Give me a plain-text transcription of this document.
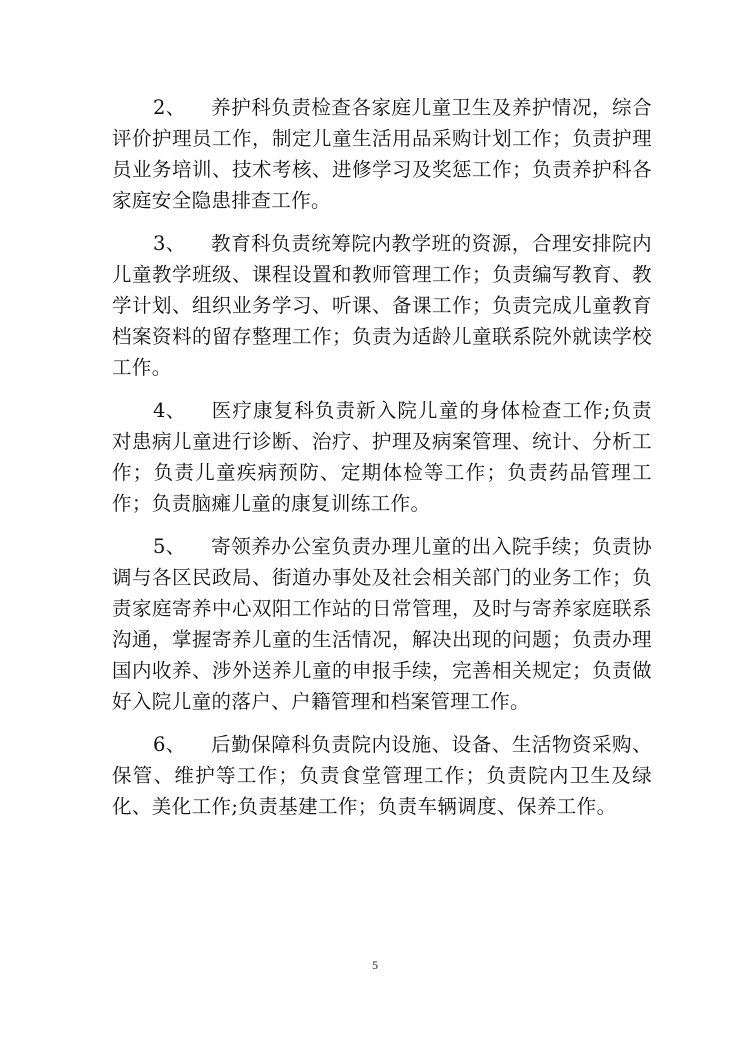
2、 养护科负责检查各家庭儿童卫生及养护情况，综合评价护理员工作，制定儿童生活用品采购计划工作；负责护理员业务培训、技术考核、进修学习及奖惩工作；负责养护科各家庭安全隐患排查工作。

3、 教育科负责统筹院内教学班的资源，合理安排院内儿童教学班级、课程设置和教师管理工作；负责编写教育、教学计划、组织业务学习、听课、备课工作；负责完成儿童教育档案资料的留存整理工作；负责为适龄儿童联系院外就读学校工作。

4、 医疗康复科负责新入院儿童的身体检查工作;负责对患病儿童进行诊断、治疗、护理及病案管理、统计、分析工作；负责儿童疾病预防、定期体检等工作；负责药品管理工作；负责脑瘫儿童的康复训练工作。

5、 寄领养办公室负责办理儿童的出入院手续；负责协调与各区民政局、街道办事处及社会相关部门的业务工作；负责家庭寄养中心双阳工作站的日常管理，及时与寄养家庭联系沟通，掌握寄养儿童的生活情况，解决出现的问题；负责办理国内收养、涉外送养儿童的申报手续，完善相关规定；负责做好入院儿童的落户、户籍管理和档案管理工作。

6、 后勤保障科负责院内设施、设备、生活物资采购、保管、维护等工作；负责食堂管理工作；负责院内卫生及绿化、美化工作;负责基建工作；负责车辆调度、保养工作。

5
